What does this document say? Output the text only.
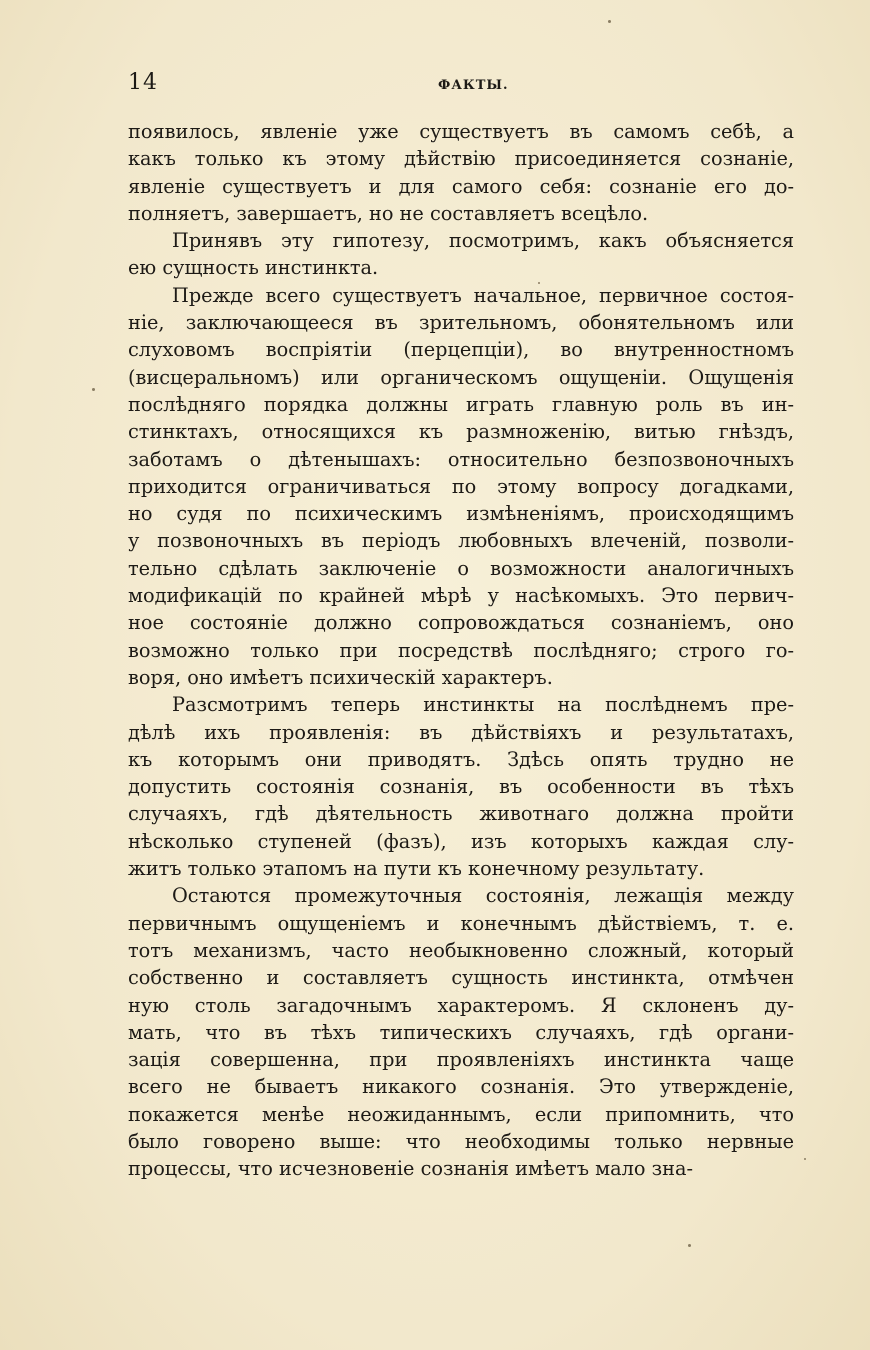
14	ФАКТЫ.
появилось, явленіе уже существуетъ въ самомъ себѣ, а
какъ только къ этому дѣйствію присоединяется сознаніе,
явленіе существуетъ и для самого себя: сознаніе его до-
полняетъ, завершаетъ, но не составляетъ всецѣло.
Принявъ эту гипотезу, посмотримъ, какъ объясняется
ею сущность инстинкта.
Прежде всего существуетъ начальное, первичное состоя-
ніе, заключающееся въ зрительномъ, обонятельномъ или
слуховомъ воспріятіи (перцепціи), во внутренностномъ
(висцеральномъ) или органическомъ ощущеніи. Ощущенія
послѣдняго порядка должны играть главную роль въ ин-
стинктахъ, относящихся къ размноженію, витью гнѣздъ,
заботамъ о дѣтенышахъ: относительно безпозвоночныхъ
приходится ограничиваться по этому вопросу догадками,
но судя по психическимъ измѣненіямъ, происходящимъ
у позвоночныхъ въ періодъ любовныхъ влеченій, позволи-
тельно сдѣлать заключеніе о возможности аналогичныхъ
модификацій по крайней мѣрѣ у насѣкомыхъ. Это первич-
ное состояніе должно сопровождаться сознаніемъ, оно
возможно только при посредствѣ послѣдняго; строго го-
воря, оно имѣетъ психическій характеръ.
Разсмотримъ теперь инстинкты на послѣднемъ пре-
дѣлѣ ихъ проявленія: въ дѣйствіяхъ и результатахъ,
къ которымъ они приводятъ. Здѣсь опять трудно не
допустить состоянія сознанія, въ особенности въ тѣхъ
случаяхъ, гдѣ дѣятельность животнаго должна пройти
нѣсколько ступеней (фазъ), изъ которыхъ каждая слу-
житъ только этапомъ на пути къ конечному результату.
Остаются промежуточныя состоянія, лежащія между
первичнымъ ощущеніемъ и конечнымъ дѣйствіемъ, т. е.
тотъ механизмъ, часто необыкновенно сложный, который
собственно и составляетъ сущность инстинкта, отмѣчен
ную столь загадочнымъ характеромъ. Я склоненъ ду-
мать, что въ тѣхъ типическихъ случаяхъ, гдѣ органи-
зація совершенна, при проявленіяхъ инстинкта чаще
всего не бываетъ никакого сознанія. Это утвержденіе,
покажется менѣе неожиданнымъ, если припомнить, что
было говорено выше: что необходимы только нервные
процессы, что исчезновеніе сознанія имѣетъ мало зна-
